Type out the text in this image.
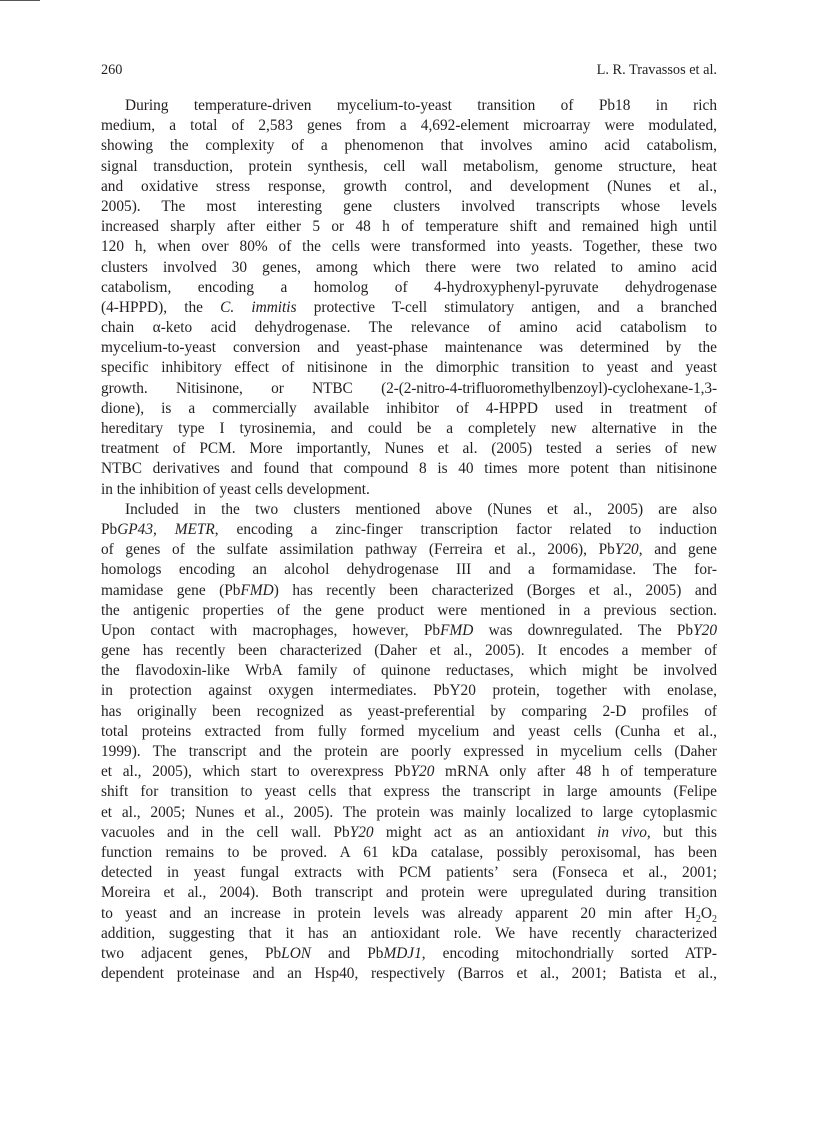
260	L. R. Travassos et al.
During temperature-driven mycelium-to-yeast transition of Pb18 in rich
medium, a total of 2,583 genes from a 4,692-element microarray were modulated,
showing the complexity of a phenomenon that involves amino acid catabolism,
signal transduction, protein synthesis, cell wall metabolism, genome structure, heat
and oxidative stress response, growth control, and development (Nunes et al.,
2005). The most interesting gene clusters involved transcripts whose levels
increased sharply after either 5 or 48 h of temperature shift and remained high until
120 h, when over 80% of the cells were transformed into yeasts. Together, these two
clusters involved 30 genes, among which there were two related to amino acid
catabolism, encoding a homolog of 4-hydroxyphenyl-pyruvate dehydrogenase
(4-HPPD), the C. immitis protective T-cell stimulatory antigen, and a branched
chain α-keto acid dehydrogenase. The relevance of amino acid catabolism to
mycelium-to-yeast conversion and yeast-phase maintenance was determined by the
specific inhibitory effect of nitisinone in the dimorphic transition to yeast and yeast
growth. Nitisinone, or NTBC (2-(2-nitro-4-trifluoromethylbenzoyl)-cyclohexane-1,3-
dione), is a commercially available inhibitor of 4-HPPD used in treatment of
hereditary type I tyrosinemia, and could be a completely new alternative in the
treatment of PCM. More importantly, Nunes et al. (2005) tested a series of new
NTBC derivatives and found that compound 8 is 40 times more potent than nitisinone
in the inhibition of yeast cells development.
Included in the two clusters mentioned above (Nunes et al., 2005) are also
PbGP43, METR, encoding a zinc-finger transcription factor related to induction
of genes of the sulfate assimilation pathway (Ferreira et al., 2006), PbY20, and gene
homologs encoding an alcohol dehydrogenase III and a formamidase. The for-
mamidase gene (PbFMD) has recently been characterized (Borges et al., 2005) and
the antigenic properties of the gene product were mentioned in a previous section.
Upon contact with macrophages, however, PbFMD was downregulated. The PbY20
gene has recently been characterized (Daher et al., 2005). It encodes a member of
the flavodoxin-like WrbA family of quinone reductases, which might be involved
in protection against oxygen intermediates. PbY20 protein, together with enolase,
has originally been recognized as yeast-preferential by comparing 2-D profiles of
total proteins extracted from fully formed mycelium and yeast cells (Cunha et al.,
1999). The transcript and the protein are poorly expressed in mycelium cells (Daher
et al., 2005), which start to overexpress PbY20 mRNA only after 48 h of temperature
shift for transition to yeast cells that express the transcript in large amounts (Felipe
et al., 2005; Nunes et al., 2005). The protein was mainly localized to large cytoplasmic
vacuoles and in the cell wall. PbY20 might act as an antioxidant in vivo, but this
function remains to be proved. A 61 kDa catalase, possibly peroxisomal, has been
detected in yeast fungal extracts with PCM patients’ sera (Fonseca et al., 2001;
Moreira et al., 2004). Both transcript and protein were upregulated during transition
to yeast and an increase in protein levels was already apparent 20 min after $H_2O_2$
addition, suggesting that it has an antioxidant role. We have recently characterized
two adjacent genes, PbLON and PbMDJ1, encoding mitochondrially sorted ATP-
dependent proteinase and an Hsp40, respectively (Barros et al., 2001; Batista et al.,
